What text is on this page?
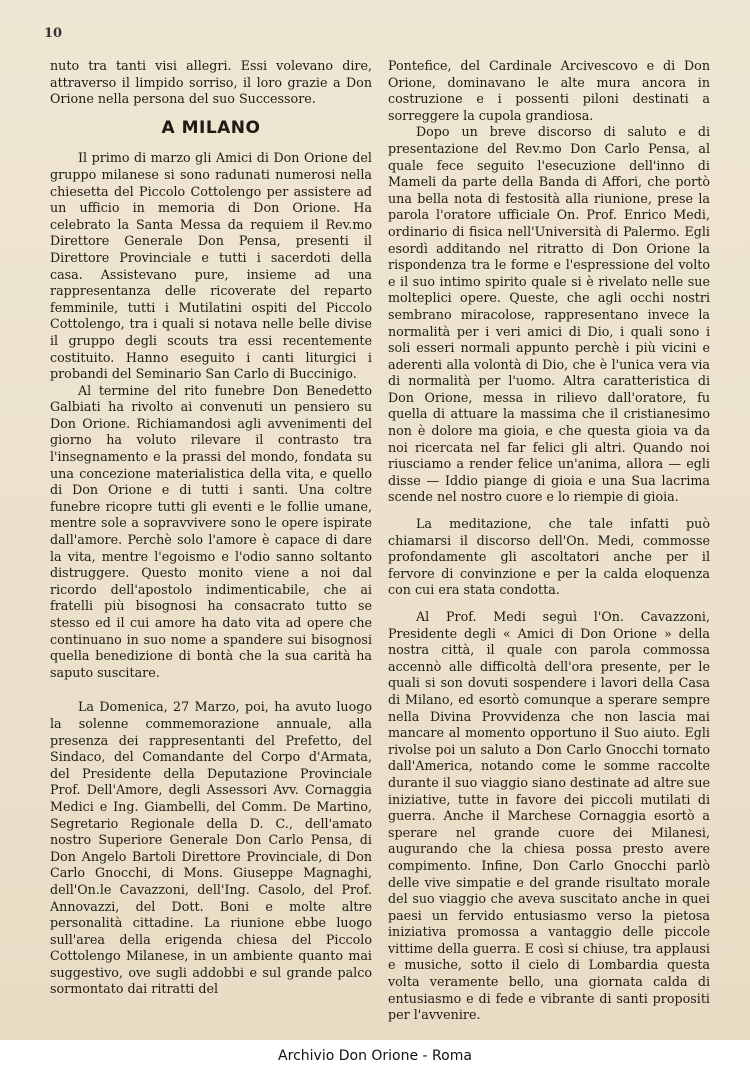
10

nuto tra tanti visi allegri. Essi volevano dire, attraverso il limpido sorriso, il loro grazie a Don Orione nella persona del suo Successore.

A MILANO

Il primo di marzo gli Amici di Don Orione del gruppo milanese si sono radunati numerosi nella chiesetta del Piccolo Cottolengo per assistere ad un ufficio in memoria di Don Orione. Ha celebrato la Santa Messa da requiem il Rev.mo Direttore Generale Don Pensa, presenti il Direttore Provinciale e tutti i sacerdoti della casa. Assistevano pure, insieme ad una rappresentanza delle ricoverate del reparto femminile, tutti i Mutilatini ospiti del Piccolo Cottolengo, tra i quali si notava nelle belle divise il gruppo degli scouts tra essi recentemente costituito. Hanno eseguito i canti liturgici i probandi del Seminario San Carlo di Buccinigo.

Al termine del rito funebre Don Benedetto Galbiati ha rivolto ai convenuti un pensiero su Don Orione. Richiamandosi agli avvenimenti del giorno ha voluto rilevare il contrasto tra l'insegnamento e la prassi del mondo, fondata su una concezione materialistica della vita, e quello di Don Orione e di tutti i santi. Una coltre funebre ricopre tutti gli eventi e le follie umane, mentre sole a sopravvivere sono le opere ispirate dall'amore. Perchè solo l'amore è capace di dare la vita, mentre l'egoismo e l'odio sanno soltanto distruggere. Questo monito viene a noi dal ricordo dell'apostolo indimenticabile, che ai fratelli più bisognosi ha consacrato tutto se stesso ed il cui amore ha dato vita ad opere che continuano in suo nome a spandere sui bisognosi quella benedizione di bontà che la sua carità ha saputo suscitare.

La Domenica, 27 Marzo, poi, ha avuto luogo la solenne commemorazione annuale, alla presenza dei rappresentanti del Prefetto, del Sindaco, del Comandante del Corpo d'Armata, del Presidente della Deputazione Provinciale Prof. Dell'Amore, degli Assessori Avv. Cornaggia Medici e Ing. Giambelli, del Comm. De Martino, Segretario Regionale della D. C., dell'amato nostro Superiore Generale Don Carlo Pensa, di Don Angelo Bartoli Direttore Provinciale, di Don Carlo Gnocchi, di Mons. Giuseppe Magnaghi, dell'On.le Cavazzoni, dell'Ing. Casolo, del Prof. Annovazzi, del Dott. Boni e molte altre personalità cittadine. La riunione ebbe luogo sull'area della erigenda chiesa del Piccolo Cottolengo Milanese, in un ambiente quanto mai suggestivo, ove sugli addobbi e sul grande palco sormontato dai ritratti del

Pontefice, del Cardinale Arcivescovo e di Don Orione, dominavano le alte mura ancora in costruzione e i possenti piloni destinati a sorreggere la cupola grandiosa.

Dopo un breve discorso di saluto e di presentazione del Rev.mo Don Carlo Pensa, al quale fece seguito l'esecuzione dell'inno di Mameli da parte della Banda di Affori, che portò una bella nota di festosità alla riunione, prese la parola l'oratore ufficiale On. Prof. Enrico Medi, ordinario di fisica nell'Università di Palermo. Egli esordì additando nel ritratto di Don Orione la rispondenza tra le forme e l'espressione del volto e il suo intimo spirito quale si è rivelato nelle sue molteplici opere. Queste, che agli occhi nostri sembrano miracolose, rappresentano invece la normalità per i veri amici di Dio, i quali sono i soli esseri normali appunto perchè i più vicini e aderenti alla volontà di Dio, che è l'unica vera via di normalità per l'uomo. Altra caratteristica di Don Orione, messa in rilievo dall'oratore, fu quella di attuare la massima che il cristianesimo non è dolore ma gioia, e che questa gioia va da noi ricercata nel far felici gli altri. Quando noi riusciamo a render felice un'anima, allora — egli disse — Iddio piange di gioia e una Sua lacrima scende nel nostro cuore e lo riempie di gioia.

La meditazione, che tale infatti può chiamarsi il discorso dell'On. Medi, commosse profondamente gli ascoltatori anche per il fervore di convinzione e per la calda eloquenza con cui era stata condotta.

Al Prof. Medi seguì l'On. Cavazzoni, Presidente degli « Amici di Don Orione » della nostra città, il quale con parola commossa accennò alle difficoltà dell'ora presente, per le quali si son dovuti sospendere i lavori della Casa di Milano, ed esortò comunque a sperare sempre nella Divina Provvidenza che non lascia mai mancare al momento opportuno il Suo aiuto. Egli rivolse poi un saluto a Don Carlo Gnocchi tornato dall'America, notando come le somme raccolte durante il suo viaggio siano destinate ad altre sue iniziative, tutte in favore dei piccoli mutilati di guerra. Anche il Marchese Cornaggia esortò a sperare nel grande cuore dei Milanesi, augurando che la chiesa possa presto avere compimento. Infine, Don Carlo Gnocchi parlò delle vive simpatie e del grande risultato morale del suo viaggio che aveva suscitato anche in quei paesi un fervido entusiasmo verso la pietosa iniziativa promossa a vantaggio delle piccole vittime della guerra. E così si chiuse, tra applausi e musiche, sotto il cielo di Lombardia questa volta veramente bello, una giornata calda di entusiasmo e di fede e vibrante di santi propositi per l'avvenire.

Archivio Don Orione - Roma
